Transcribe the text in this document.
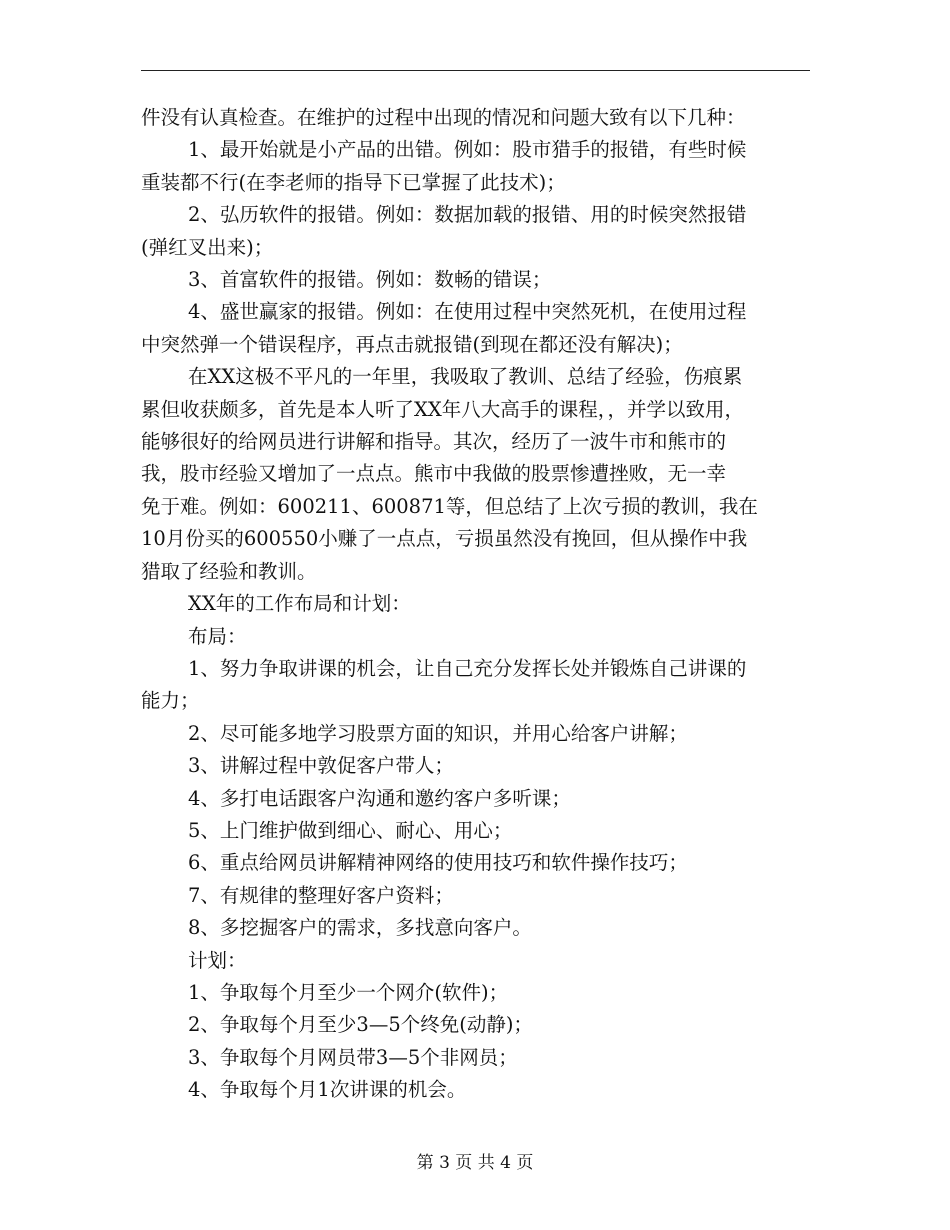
件没有认真检查。在维护的过程中出现的情况和问题大致有以下几种：

1、最开始就是小产品的出错。例如：股市猎手的报错，有些时候

重装都不行(在李老师的指导下已掌握了此技术)；

2、弘历软件的报错。例如：数据加载的报错、用的时候突然报错

(弹红叉出来)；

3、首富软件的报错。例如：数畅的错误；

4、盛世赢家的报错。例如：在使用过程中突然死机，在使用过程

中突然弹一个错误程序，再点击就报错(到现在都还没有解决)；

在XX这极不平凡的一年里，我吸取了教训、总结了经验，伤痕累

累但收获颇多，首先是本人听了XX年八大高手的课程，，并学以致用，

能够很好的给网员进行讲解和指导。其次，经历了一波牛市和熊市的

我，股市经验又增加了一点点。熊市中我做的股票惨遭挫败，无一幸

免于难。例如：600211、600871等，但总结了上次亏损的教训，我在

10月份买的600550小赚了一点点，亏损虽然没有挽回，但从操作中我

猎取了经验和教训。

XX年的工作布局和计划：

布局：

1、努力争取讲课的机会，让自己充分发挥长处并锻炼自己讲课的

能力；

2、尽可能多地学习股票方面的知识，并用心给客户讲解；

3、讲解过程中敦促客户带人；

4、多打电话跟客户沟通和邀约客户多听课；

5、上门维护做到细心、耐心、用心；

6、重点给网员讲解精神网络的使用技巧和软件操作技巧；

7、有规律的整理好客户资料；

8、多挖掘客户的需求，多找意向客户。

计划：

1、争取每个月至少一个网介(软件)；

2、争取每个月至少3—5个终免(动静)；

3、争取每个月网员带3—5个非网员；

4、争取每个月1次讲课的机会。

第 3 页 共 4 页
